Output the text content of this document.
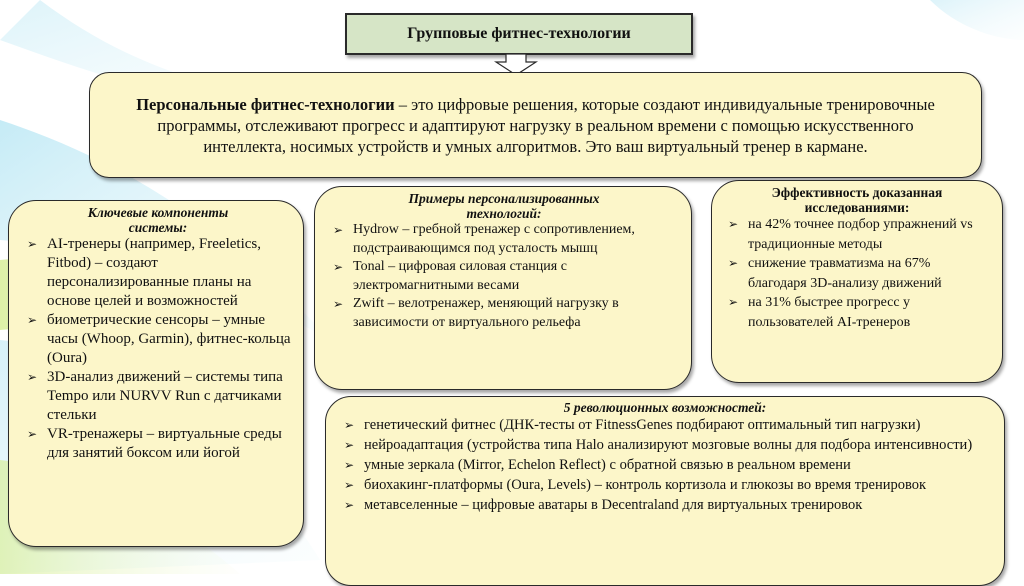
Групповые фитнес-технологии
Персональные фитнес-технологии – это цифровые решения, которые создают индивидуальные тренировочные программы, отслеживают прогресс и адаптируют нагрузку в реальном времени с помощью искусственного интеллекта, носимых устройств и умных алгоритмов. Это ваш виртуальный тренер в кармане.
Ключевые компоненты системы:
➢ AI-тренеры (например, Freeletics, Fitbod) – создают персонализированные планы на основе целей и возможностей
➢ биометрические сенсоры – умные часы (Whoop, Garmin), фитнес-кольца (Oura)
➢ 3D-анализ движений – системы типа Tempo или NURVV Run с датчиками стельки
➢ VR-тренажеры – виртуальные среды для занятий боксом или йогой
Примеры персонализированных технологий:
➢ Hydrow – гребной тренажер с сопротивлением, подстраивающимся под усталость мышц
➢ Tonal – цифровая силовая станция с электромагнитными весами
➢ Zwift – велотренажер, меняющий нагрузку в зависимости от виртуального рельефа
Эффективность доказанная исследованиями:
➢ на 42% точнее подбор упражнений vs традиционные методы
➢ снижение травматизма на 67% благодаря 3D-анализу движений
➢ на 31% быстрее прогресс у пользователей AI-тренеров
5 революционных возможностей:
➢ генетический фитнес (ДНК-тесты от FitnessGenes подбирают оптимальный тип нагрузки)
➢ нейроадаптация (устройства типа Halo анализируют мозговые волны для подбора интенсивности)
➢ умные зеркала (Mirror, Echelon Reflect) с обратной связью в реальном времени
➢ биохакинг-платформы (Oura, Levels) – контроль кортизола и глюкозы во время тренировок
➢ метавселенные – цифровые аватары в Decentraland для виртуальных тренировок
